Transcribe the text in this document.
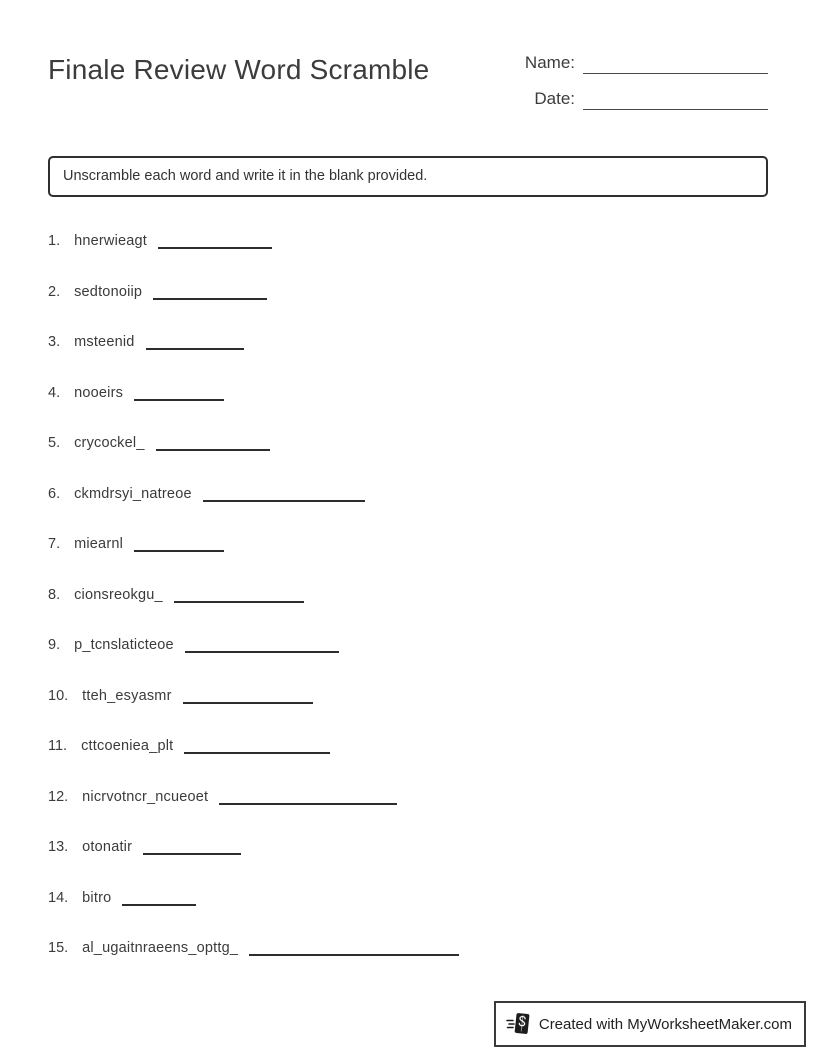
Finale Review Word Scramble	Name:
Date:
Unscramble each word and write it in the blank provided.
1. hnerwieagt
2. sedtonoiip
3. msteenid
4. nooeirs
5. crycockel_
6. ckmdrsyi_natreoe
7. miearnl
8. cionsreokgu_
9. p_tcnslaticteoe
10. tteh_esyasmr
11. cttcoeniea_plt
12. nicrvotncr_ncueoet
13. otonatir
14. bitro
15. al_ugaitnraeens_opttg_
Created with MyWorksheetMaker.com
